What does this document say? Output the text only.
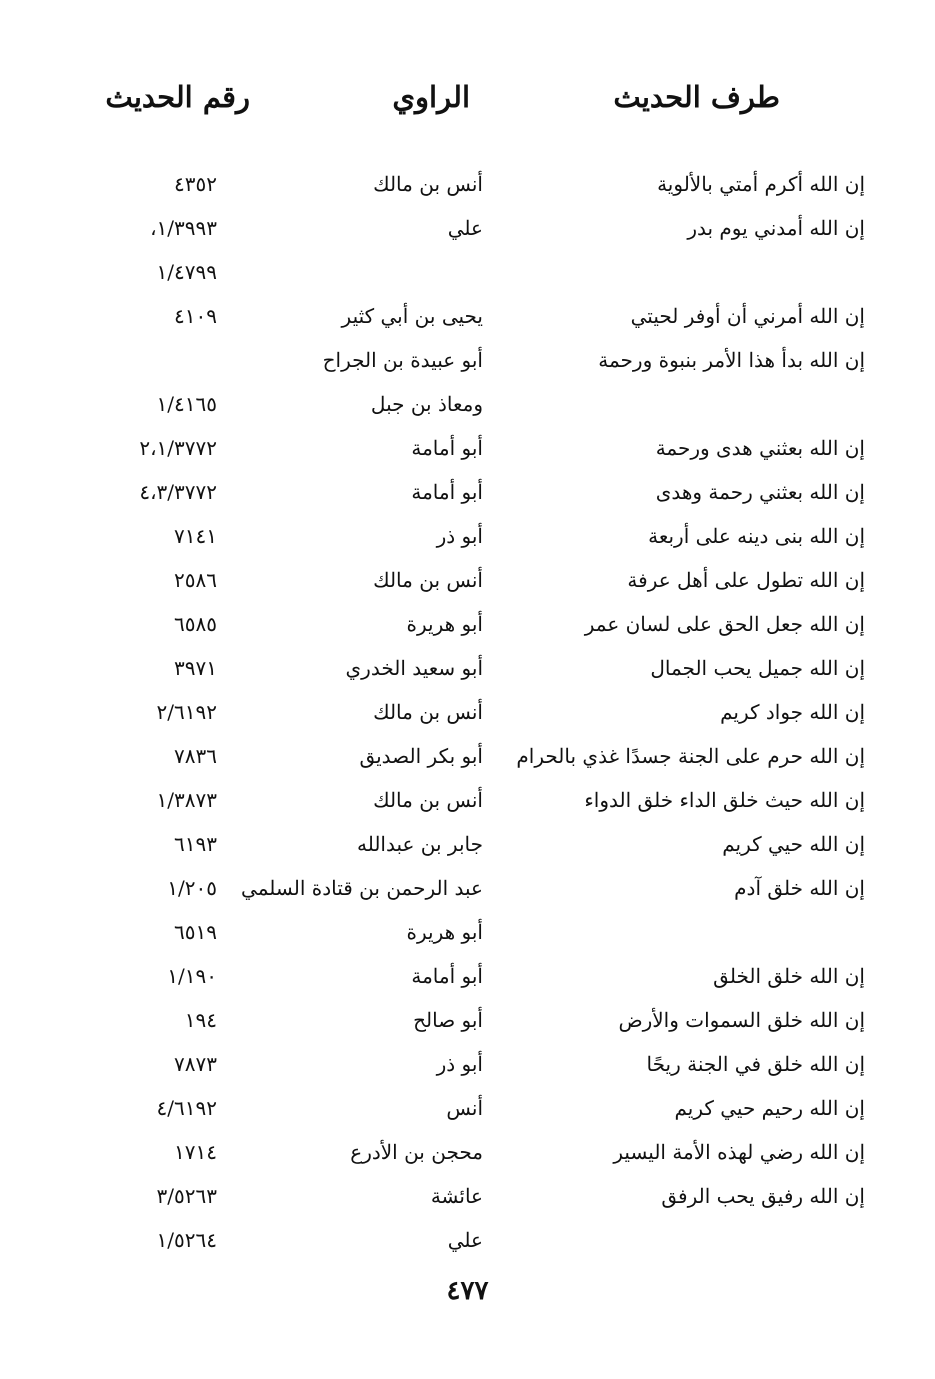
طرف الحديث
الراوي
رقم الحديث
إن الله أكرم أمتي بالألوية
أنس بن مالك
٤٣٥٢
إن الله أمدني يوم بدر
علي
١/٣٩٩٣،
١/٤٧٩٩
إن الله أمرني أن أوفر لحيتي
يحيى بن أبي كثير
٤١٠٩
إن الله بدأ هذا الأمر بنبوة ورحمة
أبو عبيدة بن الجراح
ومعاذ بن جبل
١/٤١٦٥
إن الله بعثني هدى ورحمة
أبو أمامة
٢،١/٣٧٧٢
إن الله بعثني رحمة وهدى
أبو أمامة
٤،٣/٣٧٧٢
إن الله بنى دينه على أربعة
أبو ذر
٧١٤١
إن الله تطول على أهل عرفة
أنس بن مالك
٢٥٨٦
إن الله جعل الحق على لسان عمر
أبو هريرة
٦٥٨٥
إن الله جميل يحب الجمال
أبو سعيد الخدري
٣٩٧١
إن الله جواد كريم
أنس بن مالك
٢/٦١٩٢
إن الله حرم على الجنة جسدًا غذي بالحرام
أبو بكر الصديق
٧٨٣٦
إن الله حيث خلق الداء خلق الدواء
أنس بن مالك
١/٣٨٧٣
إن الله حيي كريم
جابر بن عبدالله
٦١٩٣
إن الله خلق آدم
عبد الرحمن بن قتادة السلمي
١/٢٠٥
أبو هريرة
٦٥١٩
إن الله خلق الخلق
أبو أمامة
١/١٩٠
إن الله خلق السموات والأرض
أبو صالح
١٩٤
إن الله خلق في الجنة ريحًا
أبو ذر
٧٨٧٣
إن الله رحيم حيي كريم
أنس
٤/٦١٩٢
إن الله رضي لهذه الأمة اليسير
محجن بن الأدرع
١٧١٤
إن الله رفيق يحب الرفق
عائشة
٣/٥٢٦٣
علي
١/٥٢٦٤
٤٧٧
